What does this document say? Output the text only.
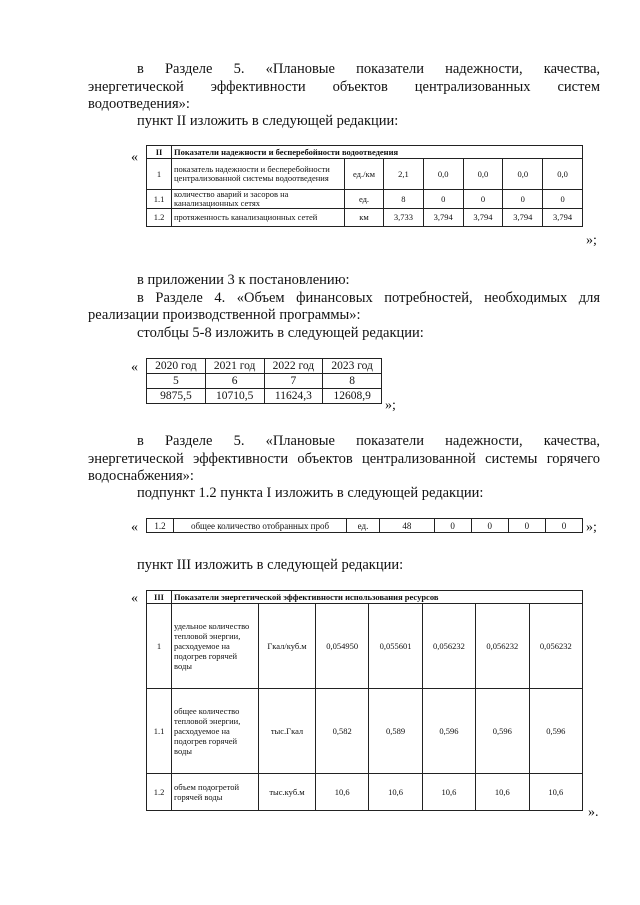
в Разделе 5. «Плановые показатели надежности, качества,
энергетической эффективности объектов централизованных систем
водоотведения»:
пункт II изложить в следующей редакции:
« II	Показатели надежности и бесперебойности водоотведения						
1	показатель надежности и бесперебойности централизованной системы водоотведения	ед./км	2,1	0,0	0,0	0,0	0,0
1.1	количество аварий и засоров на канализационных сетях	ед.	8	0	0	0	0
1.2	протяженность канализационных сетей	км	3,733	3,794	3,794	3,794	3,794
»;
в приложении 3 к постановлению:
в Разделе 4. «Объем финансовых потребностей, необходимых для
реализации производственной программы»:
столбцы 5-8 изложить в следующей редакции:
« 2020 год	2021 год	2022 год	2023 год
5	6	7	8
9875,5	10710,5	11624,3	12608,9
»;
в Разделе 5. «Плановые показатели надежности, качества,
энергетической эффективности объектов централизованной системы горячего
водоснабжения»:
подпункт 1.2 пункта I изложить в следующей редакции:
« 1.2	общее количество отобранных проб	ед.	48	0	0	0	0 »;
пункт III изложить в следующей редакции:
« III	Показатели энергетической эффективности использования ресурсов						
1	удельное количество тепловой энергии, расходуемое на подогрев горячей воды	Гкал/куб.м	0,054950	0,055601	0,056232	0,056232	0,056232
1.1	общее количество тепловой энергии, расходуемое на подогрев горячей воды	тыс.Гкал	0,582	0,589	0,596	0,596	0,596
1.2	объем подогретой горячей воды	тыс.куб.м	10,6	10,6	10,6	10,6	10,6
».
